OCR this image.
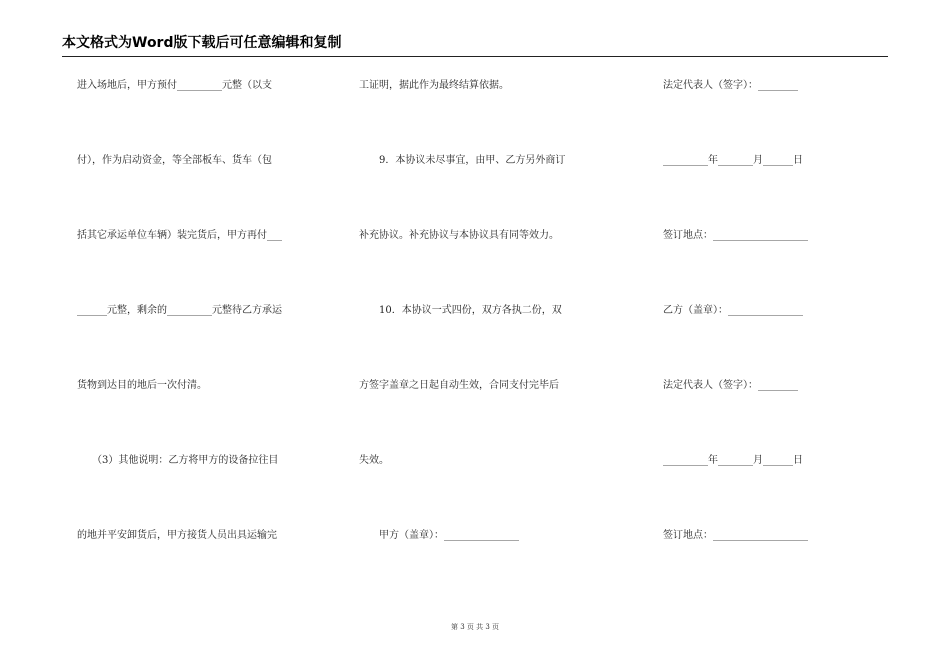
本文格式为Word版下载后可任意编辑和复制
进入场地后，甲方预付_________元整（以支
付），作为启动资金，等全部板车、货车（包
括其它承运单位车辆）装完货后，甲方再付___
______元整，剩余的_________元整待乙方承运
货物到达目的地后一次付清。
　　（3）其他说明：乙方将甲方的设备拉往目
的地并平安卸货后，甲方接货人员出具运输完
工证明，据此作为最终结算依据。
　　9．本协议未尽事宜，由甲、乙方另外商订
补充协议。补充协议与本协议具有同等效力。
　　10．本协议一式四份，双方各执二份，双
方签字盖章之日起自动生效，合同支付完毕后
失效。
　　甲方（盖章）：_______________
法定代表人（签字）：________
_________年_______月______日
签订地点：___________________
乙方（盖章）：_______________
法定代表人（签字）：________
_________年_______月______日
签订地点：___________________
第 3 页 共 3 页
